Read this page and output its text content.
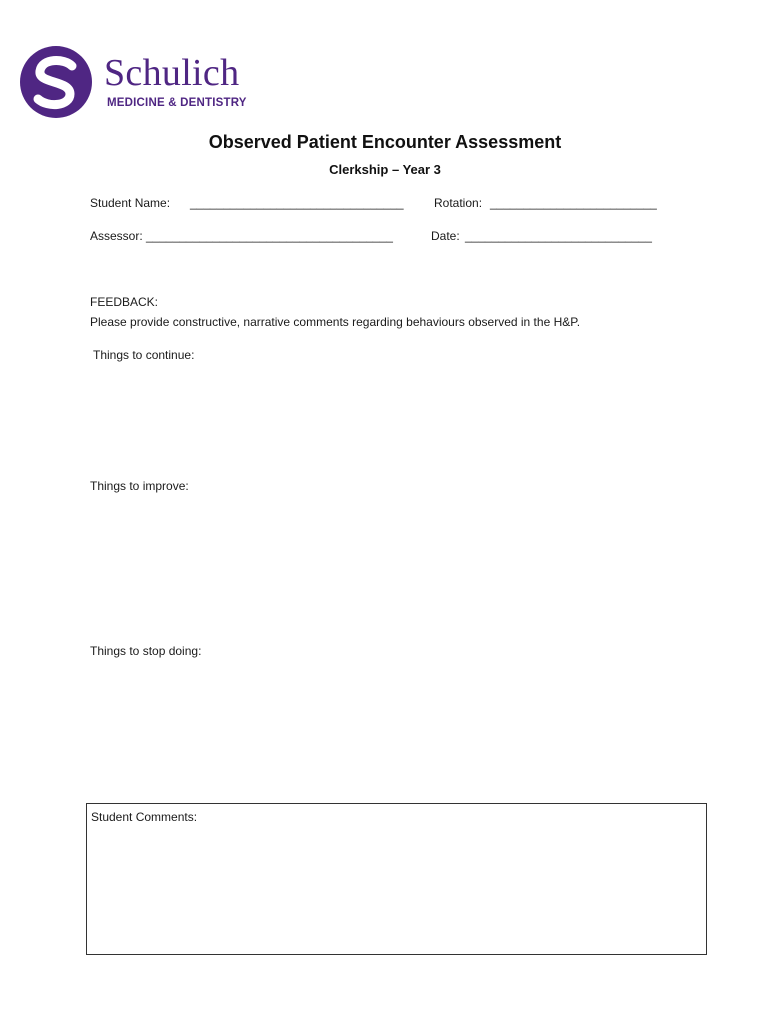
Schulich
MEDICINE & DENTISTRY
Observed Patient Encounter Assessment
Clerkship – Year 3
Student Name: ________________________________	Rotation: _________________________
Assessor: _____________________________________	Date: ____________________________
FEEDBACK:
Please provide constructive, narrative comments regarding behaviours observed in the H&P.
Things to continue:
Things to improve:
Things to stop doing:
Student Comments:
